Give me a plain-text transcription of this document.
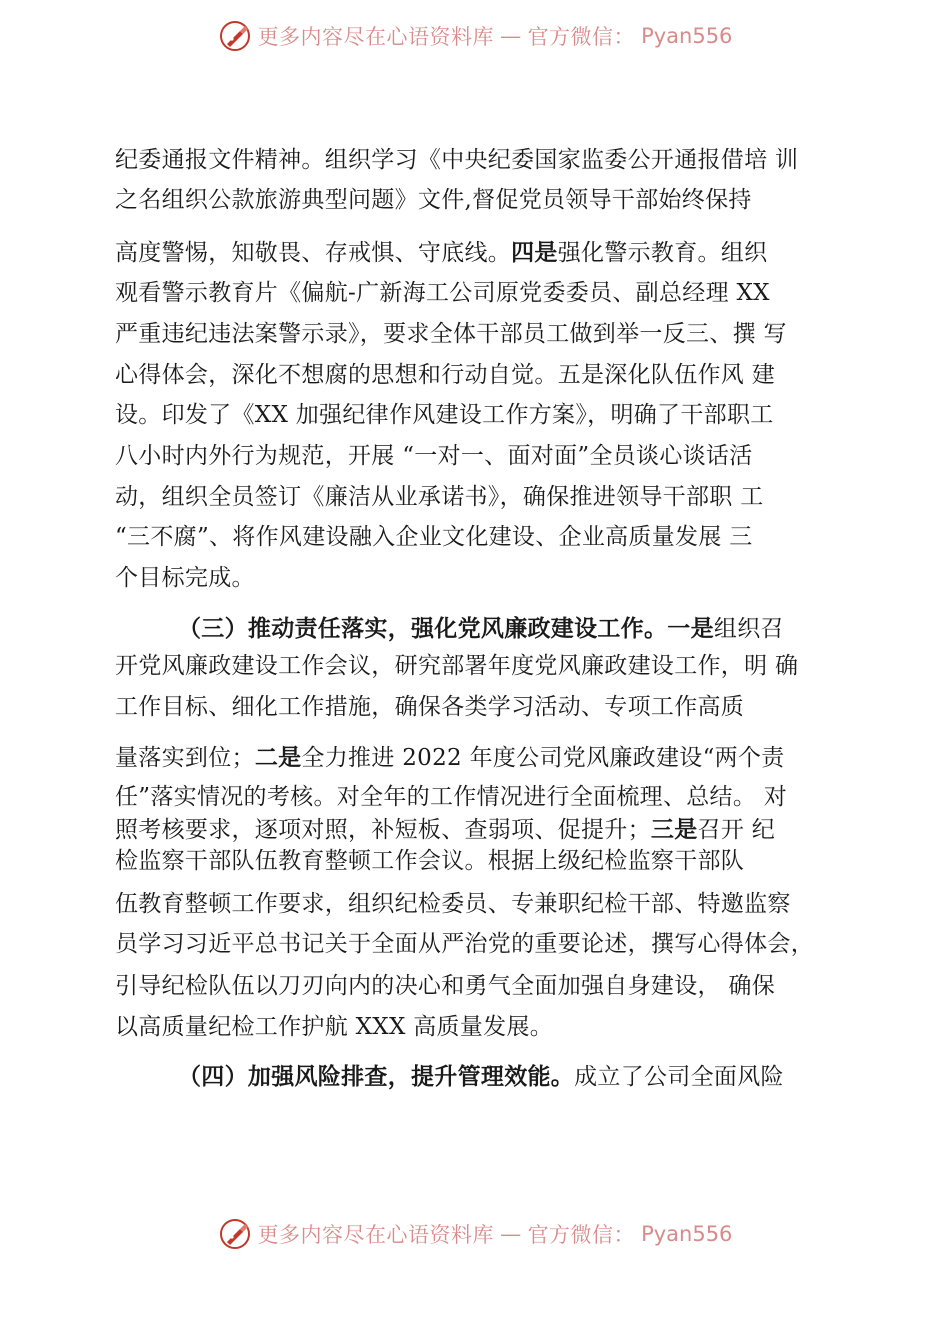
更多内容尽在心语资料库 — 官方微信： Pyan556
纪委通报文件精神。组织学习《中央纪委国家监委公开通报借培 训
之名组织公款旅游典型问题》文件,督促党员领导干部始终保持
高度警惕，知敬畏、存戒惧、守底线。四是强化警示教育。组织
观看警示教育片《偏航-广新海工公司原党委委员、副总经理 XX
严重违纪违法案警示录》，要求全体干部员工做到举一反三、撰 写
心得体会，深化不想腐的思想和行动自觉。五是深化队伍作风 建
设。印发了《XX 加强纪律作风建设工作方案》，明确了干部职工
八小时内外行为规范，开展 “一对一、面对面”全员谈心谈话活
动，组织全员签订《廉洁从业承诺书》，确保推进领导干部职 工
“三不腐”、将作风建设融入企业文化建设、企业高质量发展 三
个目标完成。
（三）推动责任落实，强化党风廉政建设工作。一是组织召
开党风廉政建设工作会议，研究部署年度党风廉政建设工作，明 确
工作目标、细化工作措施，确保各类学习活动、专项工作高质
量落实到位；二是全力推进 2022 年度公司党风廉政建设“两个责
任”落实情况的考核。对全年的工作情况进行全面梳理、总结。 对
照考核要求，逐项对照，补短板、查弱项、促提升；三是召开 纪
检监察干部队伍教育整顿工作会议。根据上级纪检监察干部队
伍教育整顿工作要求，组织纪检委员、专兼职纪检干部、特邀监察
员学习习近平总书记关于全面从严治党的重要论述，撰写心得体会，
引导纪检队伍以刀刃向内的决心和勇气全面加强自身建设， 确保
以高质量纪检工作护航 XXX 高质量发展。
（四）加强风险排查，提升管理效能。成立了公司全面风险
更多内容尽在心语资料库 — 官方微信： Pyan556
